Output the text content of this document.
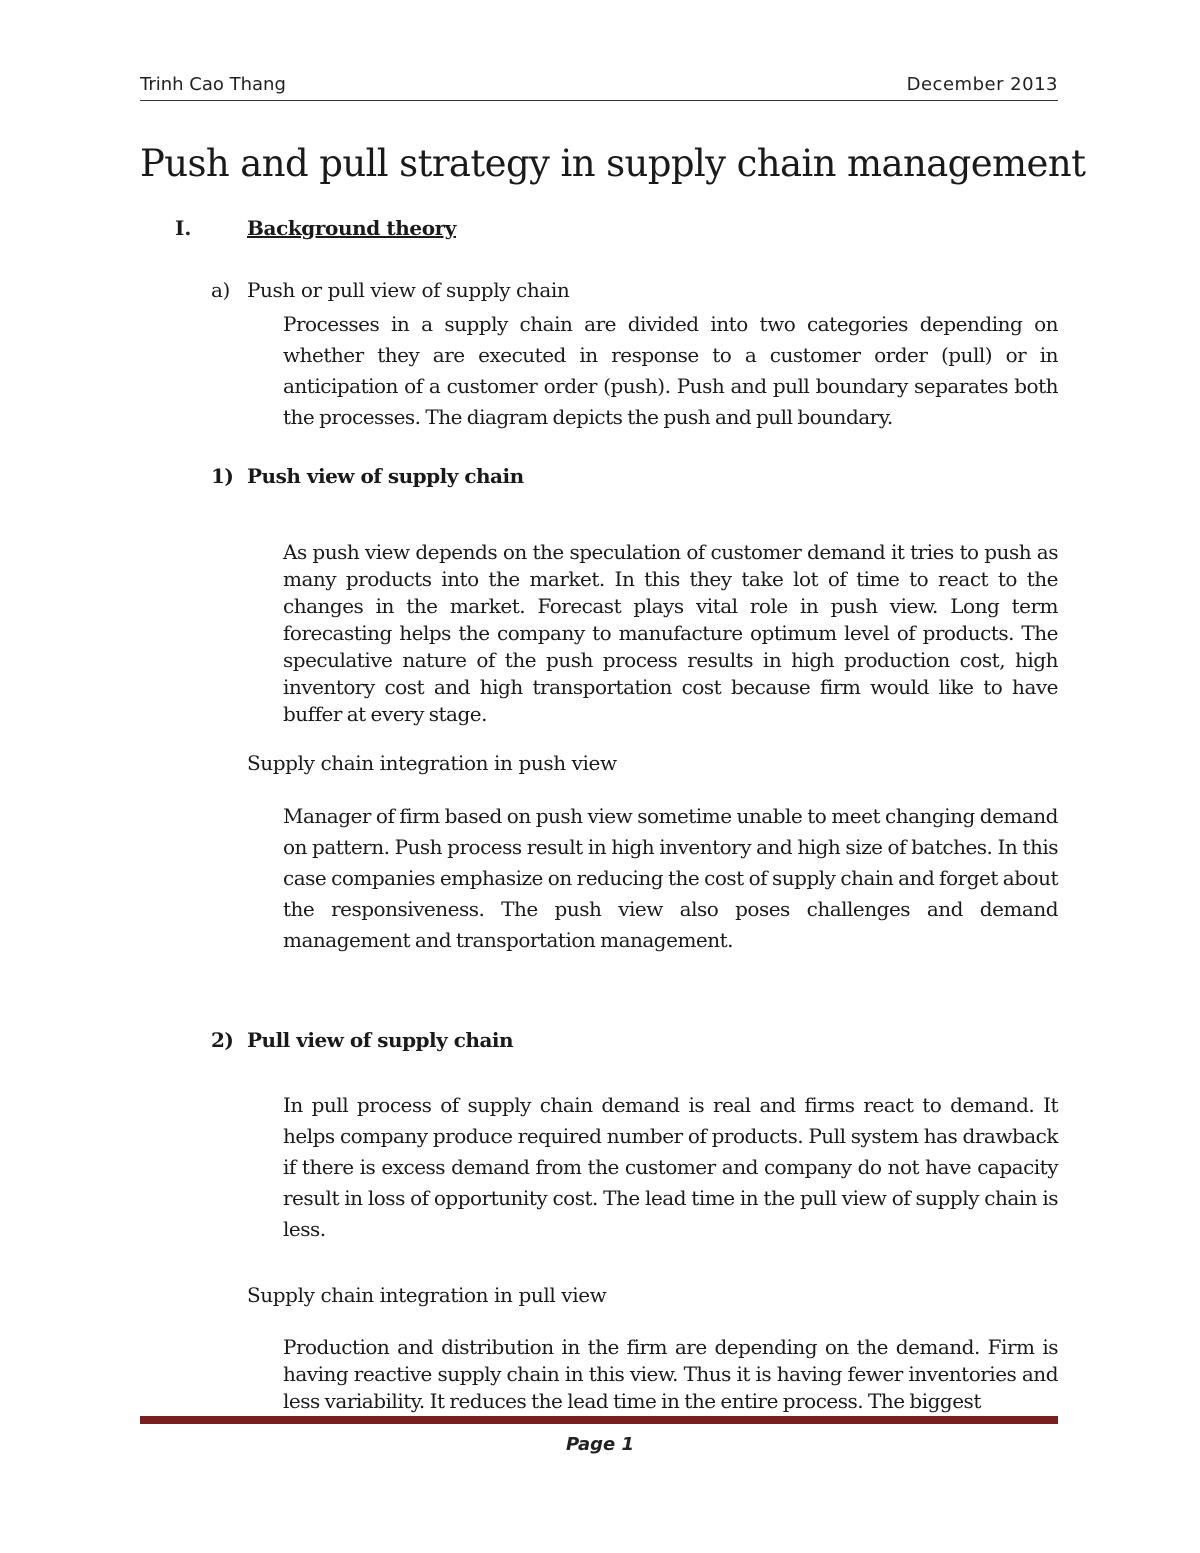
Trinh Cao Thang	December 2013
Push and pull strategy in supply chain management
I.	Background theory
a) Push or pull view of supply chain
Processes in a supply chain are divided into two categories depending on whether they are executed in response to a customer order (pull) or in anticipation of a customer order (push). Push and pull boundary separates both the processes. The diagram depicts the push and pull boundary.
1) Push view of supply chain
As push view depends on the speculation of customer demand it tries to push as many products into the market. In this they take lot of time to react to the changes in the market. Forecast plays vital role in push view. Long term forecasting helps the company to manufacture optimum level of products. The speculative nature of the push process results in high production cost, high inventory cost and high transportation cost because firm would like to have buffer at every stage.
Supply chain integration in push view
Manager of firm based on push view sometime unable to meet changing demand on pattern. Push process result in high inventory and high size of batches. In this case companies emphasize on reducing the cost of supply chain and forget about the responsiveness. The push view also poses challenges and demand management and transportation management.
2) Pull view of supply chain
In pull process of supply chain demand is real and firms react to demand. It helps company produce required number of products. Pull system has drawback if there is excess demand from the customer and company do not have capacity result in loss of opportunity cost. The lead time in the pull view of supply chain is less.
Supply chain integration in pull view
Production and distribution in the firm are depending on the demand. Firm is having reactive supply chain in this view. Thus it is having fewer inventories and less variability. It reduces the lead time in the entire process. The biggest
Page 1
